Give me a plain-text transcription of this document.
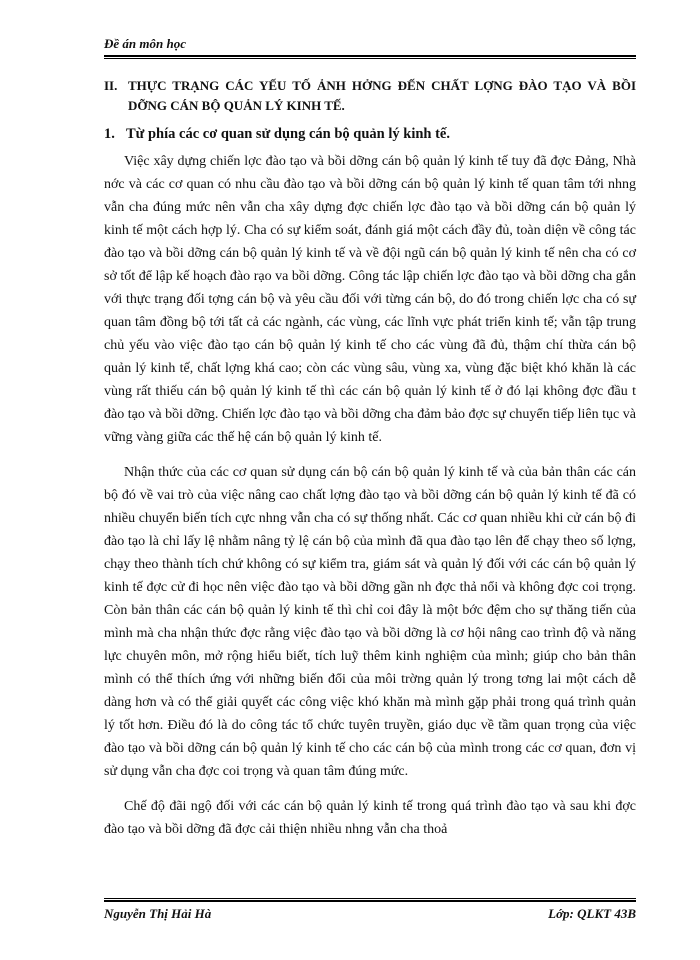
Đề án môn học
II. THỰC TRẠNG CÁC YẾU TỐ ẢNH HỞNG ĐẾN CHẤT LỢNG ĐÀO TẠO VÀ BỒI DỠNG CÁN BỘ QUẢN LÝ KINH TẾ.
1. Từ phía các cơ quan sử dụng cán bộ quản lý kinh tế.

Việc xây dựng chiến lợc đào tạo và bồi dỡng cán bộ quản lý kinh tế tuy đã đợc Đảng, Nhà nớc và các cơ quan có nhu cầu đào tạo và bồi dỡng cán bộ quản lý kinh tế quan tâm tới nhng vẫn cha đúng mức nên vẫn cha xây dựng đợc chiến lợc đào tạo và bồi dỡng cán bộ quản lý kinh tế một cách hợp lý. Cha có sự kiểm soát, đánh giá một cách đầy đủ, toàn diện về công tác đào tạo và bồi dỡng cán bộ quản lý kinh tế và về đội ngũ cán bộ quản lý kinh tế nên cha có cơ sở tốt để lập kế hoạch đào rạo va bồi dỡng. Công tác lập chiến lợc đào tạo và bồi dỡng cha gắn với thực trạng đối tợng cán bộ và yêu cầu đối với từng cán bộ, do đó trong chiến lợc cha có sự quan tâm đồng bộ tới tất cả các ngành, các vùng, các lĩnh vực phát triển kinh tế; vẫn tập trung chủ yếu vào việc đào tạo cán bộ quản lý kinh tế cho các vùng đã đủ, thậm chí thừa cán bộ quản lý kinh tế, chất lợng khá cao; còn các vùng sâu, vùng xa, vùng đặc biệt khó khăn là các vùng rất thiếu cán bộ quản lý kinh tế thì các cán bộ quản lý kinh tế ở đó lại không đợc đầu t đào tạo và bồi dỡng. Chiến lợc đào tạo và bồi dỡng cha đảm bảo đợc sự chuyển tiếp liên tục và vững vàng giữa các thế hệ cán bộ quản lý kinh tế.

Nhận thức của các cơ quan sử dụng cán bộ cán bộ quản lý kinh tế và của bản thân các cán bộ đó về vai trò của việc nâng cao chất lợng đào tạo và bồi dỡng cán bộ quản lý kinh tế đã có nhiều chuyển biến tích cực nhng vẫn cha có sự thống nhất. Các cơ quan nhiều khi cử cán bộ đi đào tạo là chỉ lấy lệ nhằm nâng tỷ lệ cán bộ của mình đã qua đào tạo lên để chạy theo số lợng, chạy theo thành tích chứ không có sự kiểm tra, giám sát và quản lý đối với các cán bộ quản lý kinh tế đợc cử đi học nên việc đào tạo và bồi dỡng gần nh đợc thả nổi và không đợc coi trọng. Còn bản thân các cán bộ quản lý kinh tế thì chỉ coi đây là một bớc đệm cho sự thăng tiến của mình mà cha nhận thức đợc rằng việc đào tạo và bồi dỡng là cơ hội nâng cao trình độ và năng lực chuyên môn, mở rộng hiểu biết, tích luỹ thêm kinh nghiệm của mình; giúp cho bản thân mình có thể thích ứng với những biến đổi của môi trờng quản lý trong tơng lai một cách dễ dàng hơn và có thể giải quyết các công việc khó khăn mà mình gặp phải trong quá trình quản lý tốt hơn. Điều đó là do công tác tổ chức tuyên truyền, giáo dục về tầm quan trọng của việc đào tạo và bồi dỡng cán bộ quản lý kinh tế cho các cán bộ của mình trong các cơ quan, đơn vị sử dụng vẫn cha đợc coi trọng và quan tâm đúng mức.

Chế độ đãi ngộ đối với các cán bộ quản lý kinh tế trong quá trình đào tạo và sau khi đợc đào tạo và bồi dỡng đã đợc cải thiện nhiều nhng vẫn cha thoả

Nguyễn Thị Hải Hà	Lớp: QLKT 43B
